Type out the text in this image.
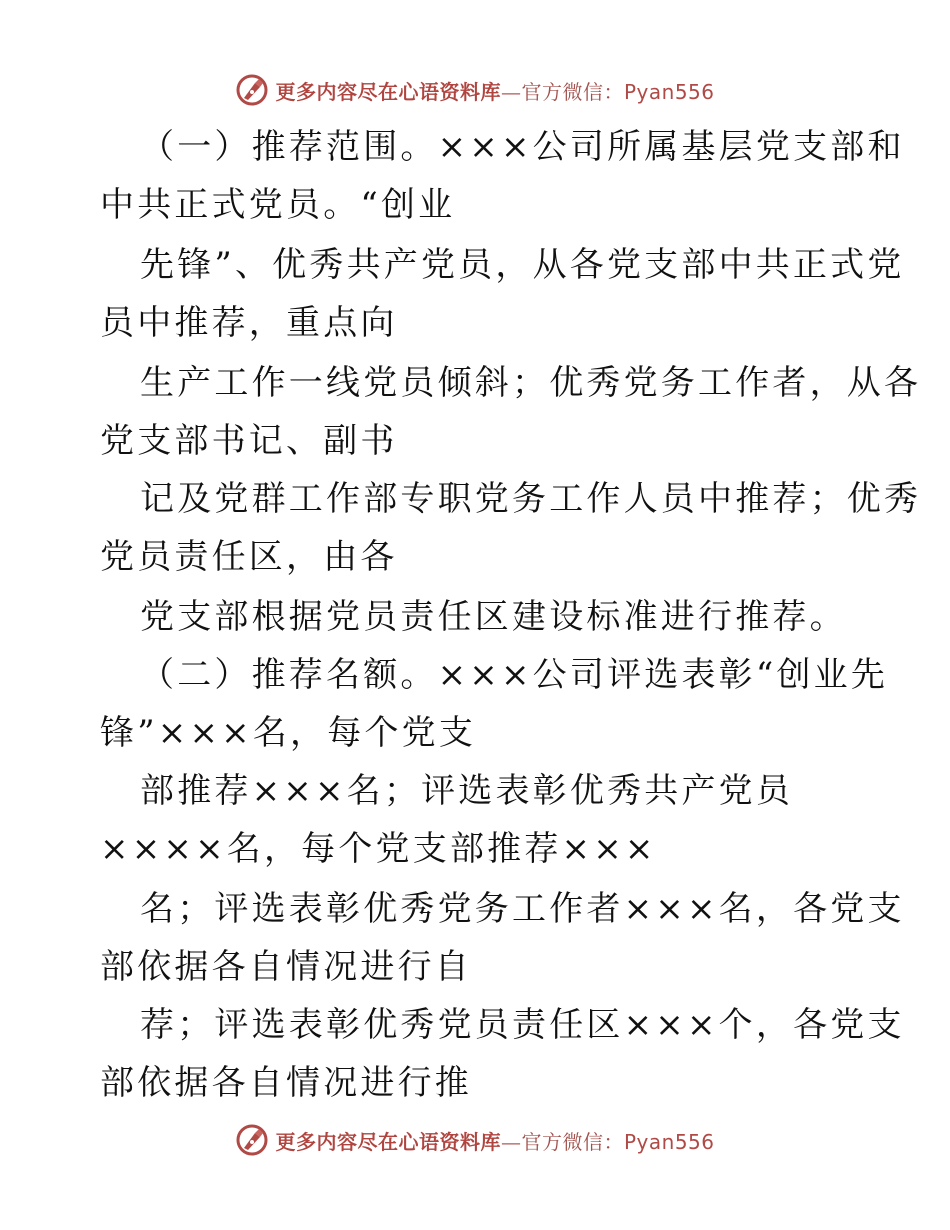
更多内容尽在心语资料库—官方微信：Pyan556
（一）推荐范围。×××公司所属基层党支部和
中共正式党员。“创业
先锋”、优秀共产党员，从各党支部中共正式党
员中推荐，重点向
生产工作一线党员倾斜；优秀党务工作者，从各
党支部书记、副书
记及党群工作部专职党务工作人员中推荐；优秀
党员责任区，由各
党支部根据党员责任区建设标准进行推荐。
（二）推荐名额。×××公司评选表彰“创业先
锋”×××名，每个党支
部推荐×××名；评选表彰优秀共产党员
××××名，每个党支部推荐×××
名；评选表彰优秀党务工作者×××名，各党支
部依据各自情况进行自
荐；评选表彰优秀党员责任区×××个，各党支
部依据各自情况进行推
更多内容尽在心语资料库—官方微信：Pyan556
